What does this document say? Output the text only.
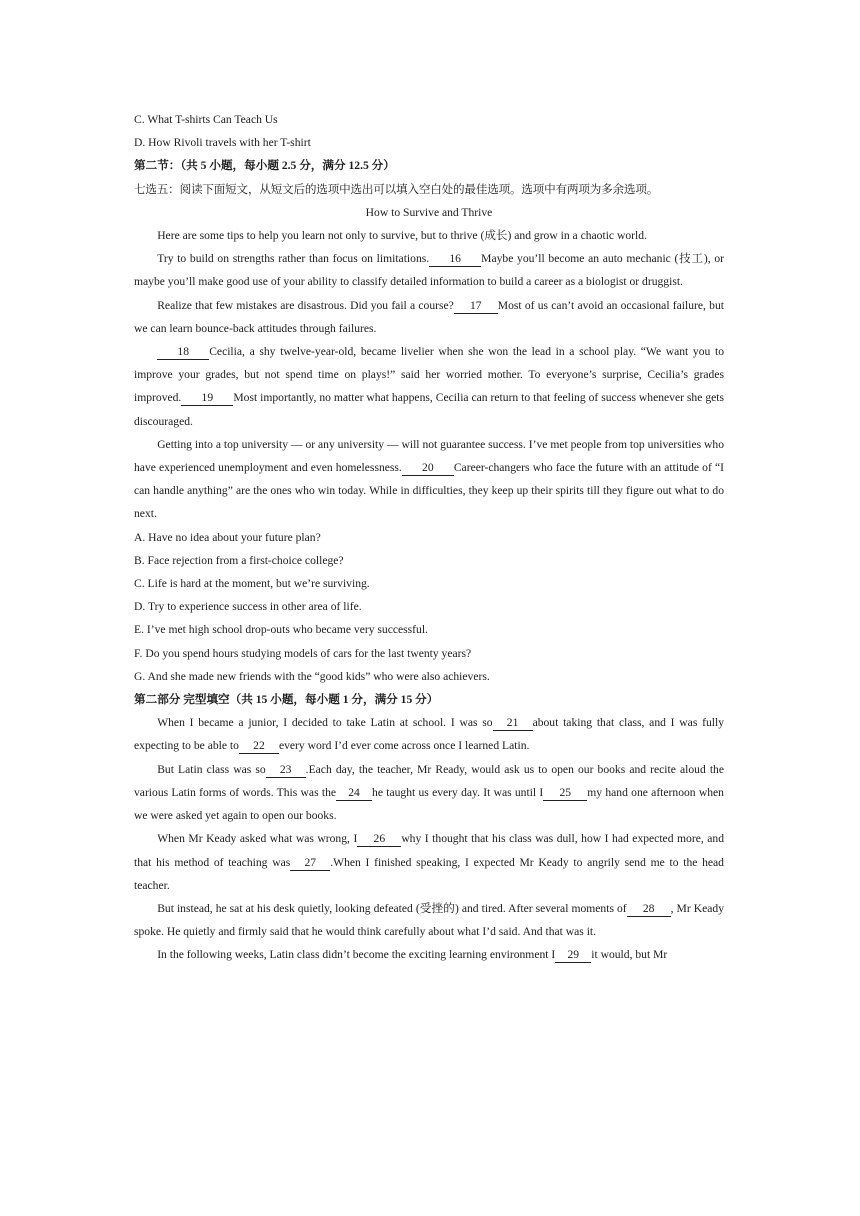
C. What T-shirts Can Teach Us
D. How Rivoli travels with her T-shirt
第二节：（共 5 小题，每小题 2.5 分，满分 12.5 分）
七选五：阅读下面短文，从短文后的选项中选出可以填入空白处的最佳选项。选项中有两项为多余选项。
How to Survive and Thrive
Here are some tips to help you learn not only to survive, but to thrive (成长) and grow in a chaotic world.
Try to build on strengths rather than focus on limitations. 16 Maybe you’ll become an auto mechanic (技工), or maybe you’ll make good use of your ability to classify detailed information to build a career as a biologist or druggist.
Realize that few mistakes are disastrous. Did you fail a course? 17 Most of us can’t avoid an occasional failure, but we can learn bounce-back attitudes through failures.
18 Cecilia, a shy twelve-year-old, became livelier when she won the lead in a school play. “We want you to improve your grades, but not spend time on plays!” said her worried mother. To everyone’s surprise, Cecilia’s grades improved. 19 Most importantly, no matter what happens, Cecilia can return to that feeling of success whenever she gets discouraged.
Getting into a top university — or any university — will not guarantee success. I’ve met people from top universities who have experienced unemployment and even homelessness. 20 Career-changers who face the future with an attitude of “I can handle anything” are the ones who win today. While in difficulties, they keep up their spirits till they figure out what to do next.
A. Have no idea about your future plan?
B. Face rejection from a first-choice college?
C. Life is hard at the moment, but we’re surviving.
D. Try to experience success in other area of life.
E. I’ve met high school drop-outs who became very successful.
F. Do you spend hours studying models of cars for the last twenty years?
G. And she made new friends with the “good kids” who were also achievers.
第二部分 完型填空（共 15 小题，每小题 1 分，满分 15 分）
When I became a junior, I decided to take Latin at school. I was so 21 about taking that class, and I was fully expecting to be able to 22 every word I’d ever come across once I learned Latin.
But Latin class was so 23 .Each day, the teacher, Mr Ready, would ask us to open our books and recite aloud the various Latin forms of words. This was the 24 he taught us every day. It was until I 25 my hand one afternoon when we were asked yet again to open our books.
When Mr Keady asked what was wrong, I 26 why I thought that his class was dull, how I had expected more, and that his method of teaching was 27 .When I finished speaking, I expected Mr Keady to angrily send me to the head teacher.
But instead, he sat at his desk quietly, looking defeated (受挫的) and tired. After several moments of 28 , Mr Keady spoke. He quietly and firmly said that he would think carefully about what I’d said. And that was it.
In the following weeks, Latin class didn’t become the exciting learning environment I 29 it would, but Mr
